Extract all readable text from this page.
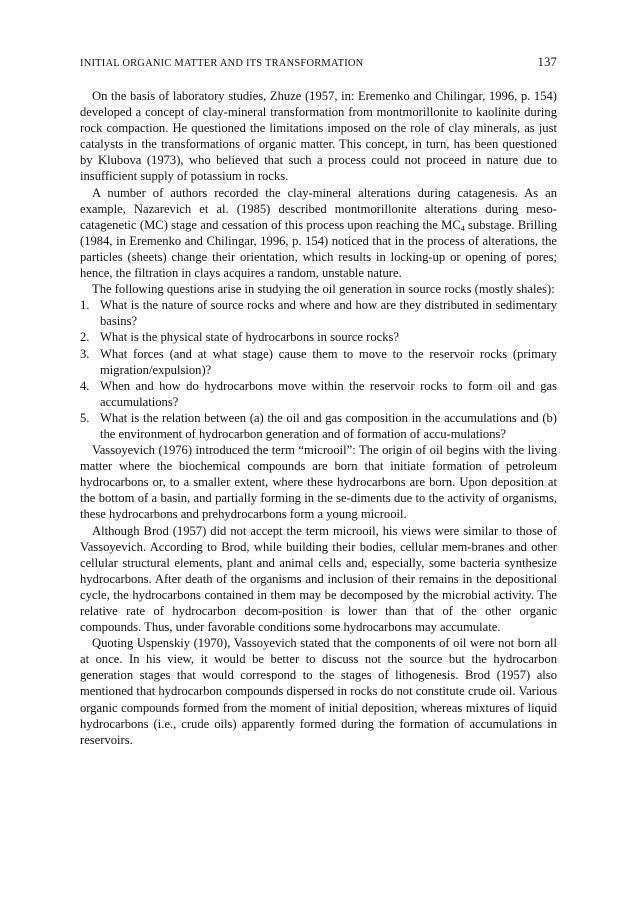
INITIAL ORGANIC MATTER AND ITS TRANSFORMATION	137

On the basis of laboratory studies, Zhuze (1957, in: Eremenko and Chilingar, 1996, p. 154) developed a concept of clay-mineral transformation from montmorillonite to kaolinite during rock compaction. He questioned the limitations imposed on the role of clay minerals, as just catalysts in the transformations of organic matter. This concept, in turn, has been questioned by Klubova (1973), who believed that such a process could not proceed in nature due to insufficient supply of potassium in rocks.

A number of authors recorded the clay-mineral alterations during catagenesis. As an example, Nazarevich et al. (1985) described montmorillonite alterations during meso-catagenetic (MC) stage and cessation of this process upon reaching the $MC_4$ substage. Brilling (1984, in Eremenko and Chilingar, 1996, p. 154) noticed that in the process of alterations, the particles (sheets) change their orientation, which results in locking-up or opening of pores; hence, the filtration in clays acquires a random, unstable nature.

The following questions arise in studying the oil generation in source rocks (mostly shales):

1. What is the nature of source rocks and where and how are they distributed in sedimentary basins?
2. What is the physical state of hydrocarbons in source rocks?
3. What forces (and at what stage) cause them to move to the reservoir rocks (primary migration/expulsion)?
4. When and how do hydrocarbons move within the reservoir rocks to form oil and gas accumulations?
5. What is the relation between (a) the oil and gas composition in the accumulations and (b) the environment of hydrocarbon generation and of formation of accu-mulations?

Vassoyevich (1976) introduced the term “microoil”: The origin of oil begins with the living matter where the biochemical compounds are born that initiate formation of petroleum hydrocarbons or, to a smaller extent, where these hydrocarbons are born. Upon deposition at the bottom of a basin, and partially forming in the se-diments due to the activity of organisms, these hydrocarbons and prehydrocarbons form a young microoil.

Although Brod (1957) did not accept the term microoil, his views were similar to those of Vassoyevich. According to Brod, while building their bodies, cellular mem-branes and other cellular structural elements, plant and animal cells and, especially, some bacteria synthesize hydrocarbons. After death of the organisms and inclusion of their remains in the depositional cycle, the hydrocarbons contained in them may be decomposed by the microbial activity. The relative rate of hydrocarbon decom-position is lower than that of the other organic compounds. Thus, under favorable conditions some hydrocarbons may accumulate.

Quoting Uspenskiy (1970), Vassoyevich stated that the components of oil were not born all at once. In his view, it would be better to discuss not the source but the hydrocarbon generation stages that would correspond to the stages of lithogenesis. Brod (1957) also mentioned that hydrocarbon compounds dispersed in rocks do not constitute crude oil. Various organic compounds formed from the moment of initial deposition, whereas mixtures of liquid hydrocarbons (i.e., crude oils) apparently formed during the formation of accumulations in reservoirs.
